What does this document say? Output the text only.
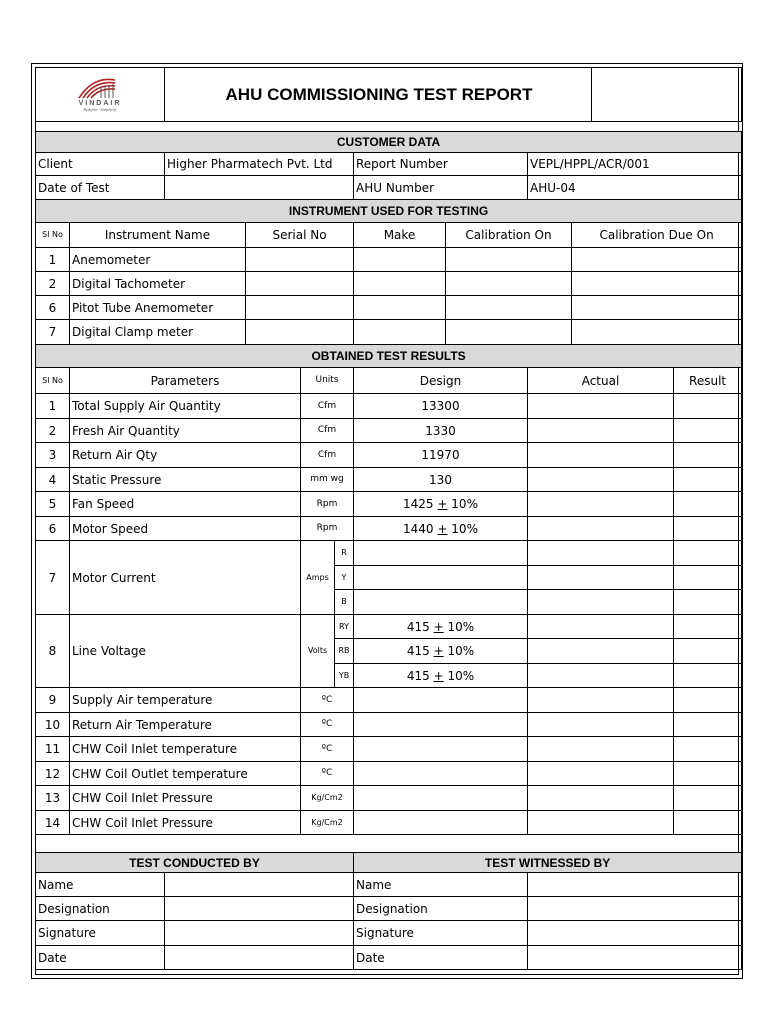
VINDAIR
Redefine · Simplicity
	AHU COMMISSIONING TEST REPORT	
CUSTOMER DATA										
Client		Higher Pharmatech Pvt. Ltd				Report Number		VEPL/HPPL/ACR/001		
Date of Test						AHU Number		AHU-04		
INSTRUMENT USED FOR TESTING										
Sl No	Instrument Name		Serial No			Make	Calibration On		Calibration Due On	
1	Anemometer									
2	Digital Tachometer									
6	Pitot Tube Anemometer									
7	Digital Clamp meter									
OBTAINED TEST RESULTS										
Sl No	Parameters			Units		Design		Actual		Result
1	Total Supply Air Quantity			Cfm		13300				
2	Fresh Air Quantity			Cfm		1330				
3	Return Air Qty			Cfm		11970				
4	Static Pressure			mm wg		130				
5	Fan Speed			Rpm		1425 + 10%				
6	Motor Speed			Rpm		1440 + 10%				
7	Motor Current			Amps	R					
					Y					
					B					
8	Line Voltage			Volts	RY	415 + 10%				
					RB	415 + 10%				
					YB	415 + 10%				
9	Supply Air temperature			ºC						
10	Return Air Temperature			ºC						
11	CHW Coil Inlet temperature			ºC						
12	CHW Coil Outlet temperature			ºC						
13	CHW Coil Inlet Pressure			Kg/Cm2						
14	CHW Coil Inlet Pressure			Kg/Cm2						

TEST CONDUCTED BY						TEST WITNESSED BY				
Name						Name				
Designation						Designation				
Signature						Signature				
Date						Date				
